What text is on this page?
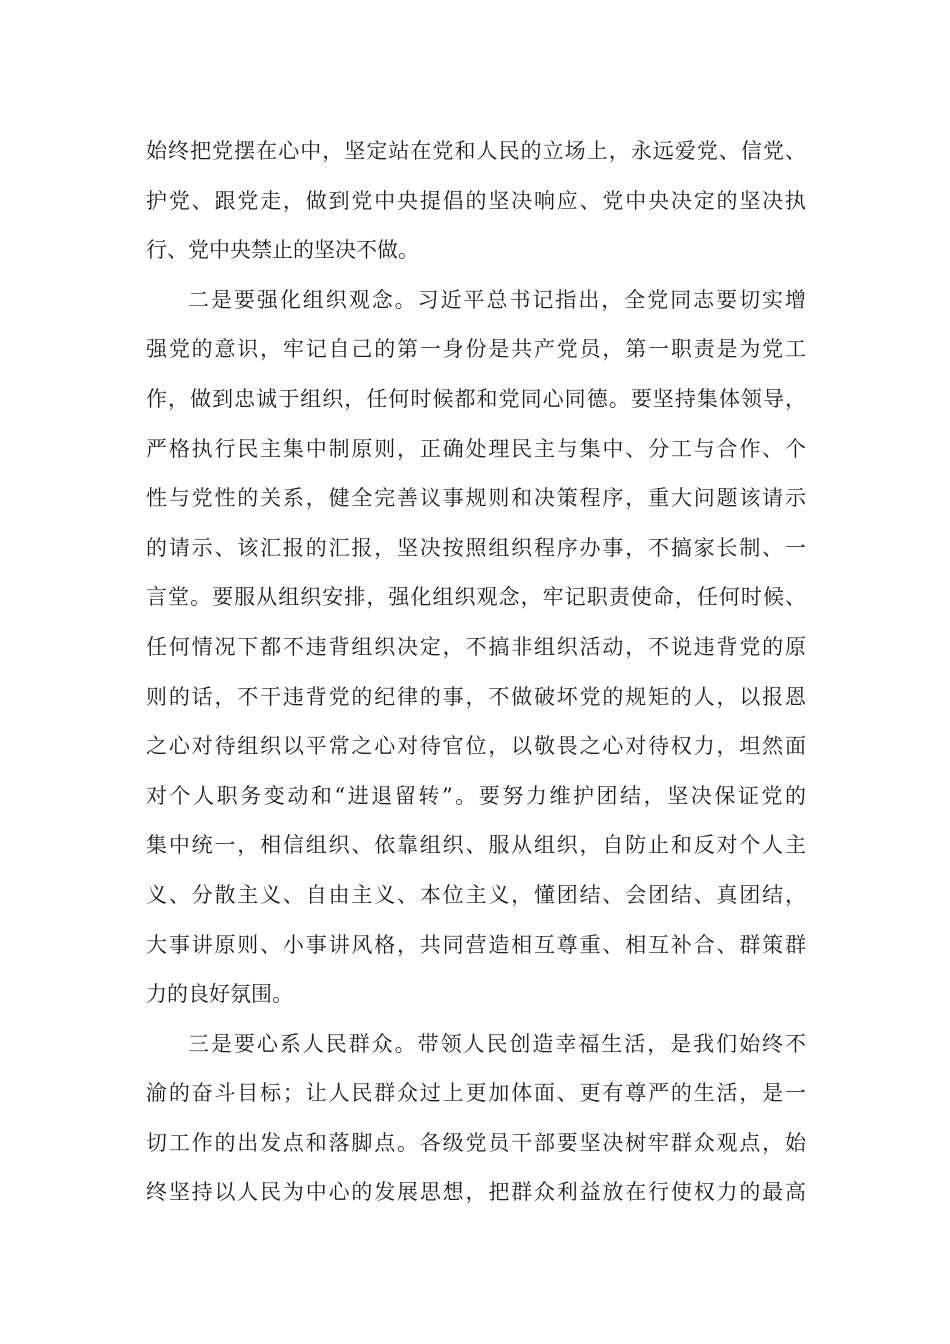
始终把党摆在心中，坚定站在党和人民的立场上，永远爱党、信党、
护党、跟党走，做到党中央提倡的坚决响应、党中央决定的坚决执
行、党中央禁止的坚决不做。
二是要强化组织观念。习近平总书记指出，全党同志要切实增
强党的意识，牢记自己的第一身份是共产党员，第一职责是为党工
作，做到忠诚于组织，任何时候都和党同心同德。要坚持集体领导，
严格执行民主集中制原则，正确处理民主与集中、分工与合作、个
性与党性的关系，健全完善议事规则和决策程序，重大问题该请示
的请示、该汇报的汇报，坚决按照组织程序办事，不搞家长制、一
言堂。要服从组织安排，强化组织观念，牢记职责使命，任何时候、
任何情况下都不违背组织决定，不搞非组织活动，不说违背党的原
则的话，不干违背党的纪律的事，不做破坏党的规矩的人，以报恩
之心对待组织以平常之心对待官位，以敬畏之心对待权力，坦然面
对个人职务变动和“进退留转”。要努力维护团结，坚决保证党的
集中统一，相信组织、依靠组织、服从组织，自防止和反对个人主
义、分散主义、自由主义、本位主义，懂团结、会团结、真团结，
大事讲原则、小事讲风格，共同营造相互尊重、相互补合、群策群
力的良好氛围。
三是要心系人民群众。带领人民创造幸福生活，是我们始终不
渝的奋斗目标；让人民群众过上更加体面、更有尊严的生活，是一
切工作的出发点和落脚点。各级党员干部要坚决树牢群众观点，始
终坚持以人民为中心的发展思想，把群众利益放在行使权力的最高
